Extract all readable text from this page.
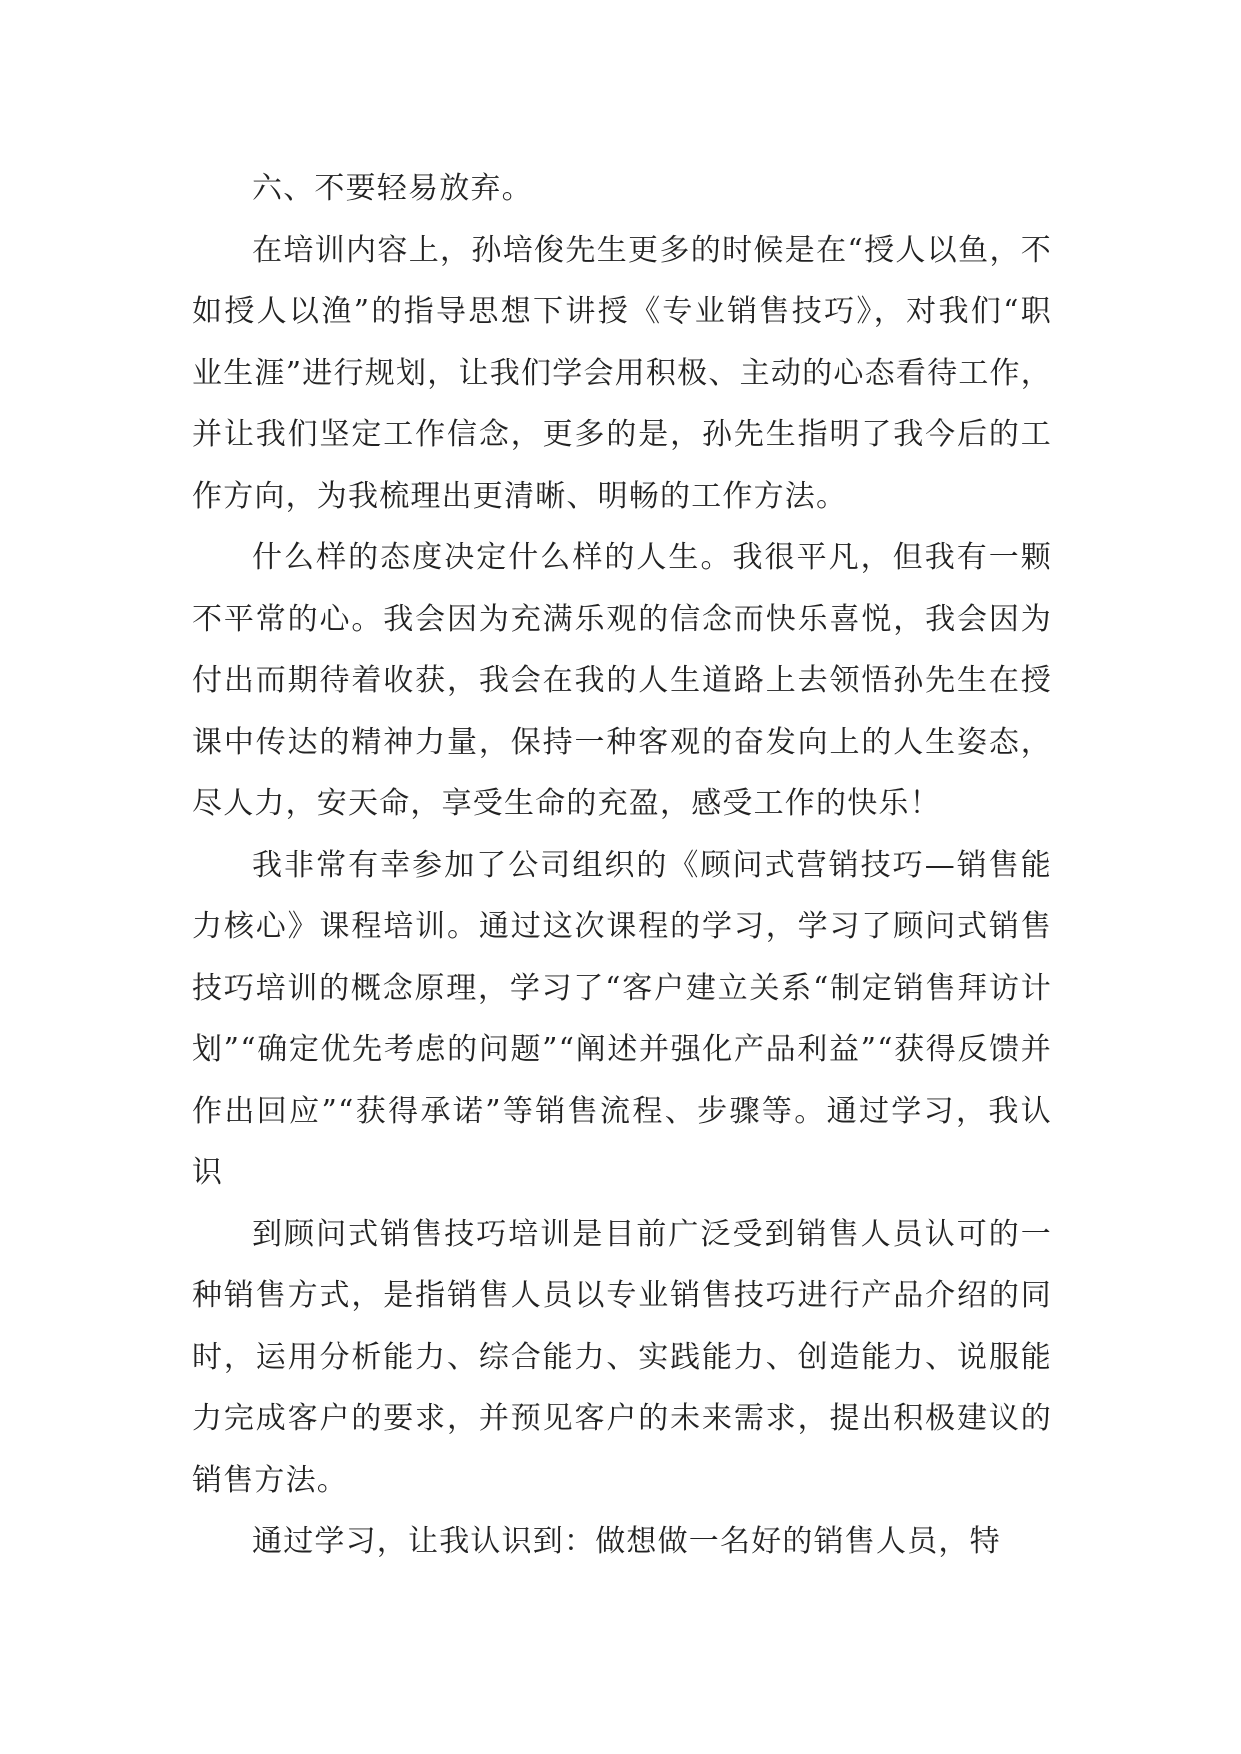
六、不要轻易放弃。

在培训内容上，孙培俊先生更多的时候是在“授人以鱼，不如授人以渔”的指导思想下讲授《专业销售技巧》，对我们“职业生涯”进行规划，让我们学会用积极、主动的心态看待工作，并让我们坚定工作信念，更多的是，孙先生指明了我今后的工作方向，为我梳理出更清晰、明畅的工作方法。

什么样的态度决定什么样的人生。我很平凡，但我有一颗不平常的心。我会因为充满乐观的信念而快乐喜悦，我会因为付出而期待着收获，我会在我的人生道路上去领悟孙先生在授课中传达的精神力量，保持一种客观的奋发向上的人生姿态，尽人力，安天命，享受生命的充盈，感受工作的快乐！

我非常有幸参加了公司组织的《顾问式营销技巧—销售能力核心》课程培训。通过这次课程的学习，学习了顾问式销售技巧培训的概念原理，学习了“客户建立关系“制定销售拜访计划”“确定优先考虑的问题”“阐述并强化产品利益”“获得反馈并作出回应”“获得承诺”等销售流程、步骤等。通过学习，我认识

到顾问式销售技巧培训是目前广泛受到销售人员认可的一种销售方式，是指销售人员以专业销售技巧进行产品介绍的同时，运用分析能力、综合能力、实践能力、创造能力、说服能力完成客户的要求，并预见客户的未来需求，提出积极建议的销售方法。

通过学习，让我认识到：做想做一名好的销售人员，特
